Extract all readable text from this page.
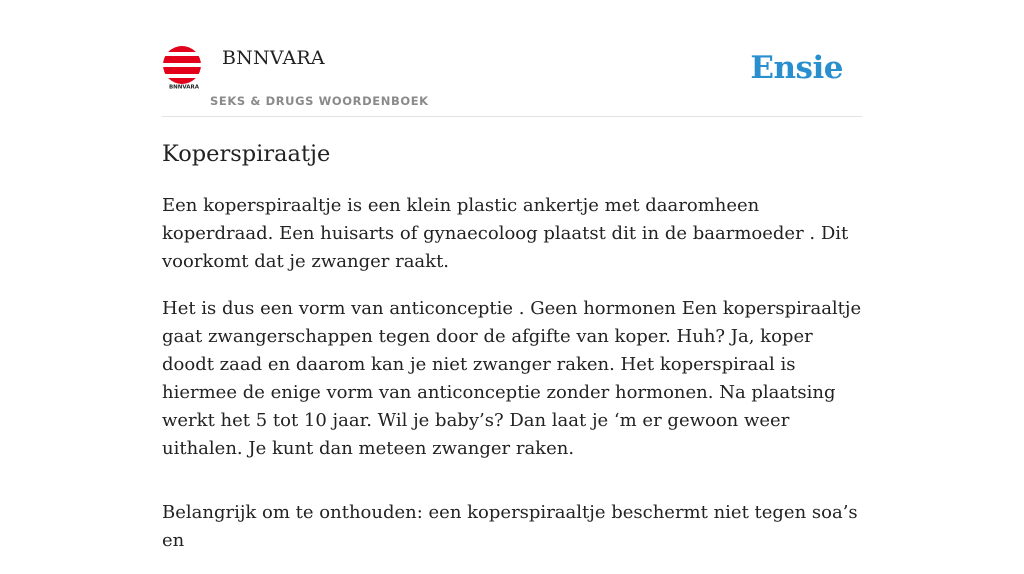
BNNVARA
BNNVARA
SEKS & DRUGS WOORDENBOEK
Ensie
Koperspiraatje

Een koperspiraaltje is een klein plastic ankertje met daaromheen koperdraad. Een huisarts of gynaecoloog plaatst dit in de baarmoeder . Dit voorkomt dat je zwanger raakt.

Het is dus een vorm van anticonceptie . Geen hormonen Een koperspiraaltje gaat zwangerschappen tegen door de afgifte van koper. Huh? Ja, koper doodt zaad en daarom kan je niet zwanger raken. Het koperspiraal is hiermee de enige vorm van anticonceptie zonder hormonen. Na plaatsing werkt het 5 tot 10 jaar. Wil je baby’s? Dan laat je ‘m er gewoon weer uithalen. Je kunt dan meteen zwanger raken.

Belangrijk om te onthouden: een koperspiraaltje beschermt niet tegen soa’s en
